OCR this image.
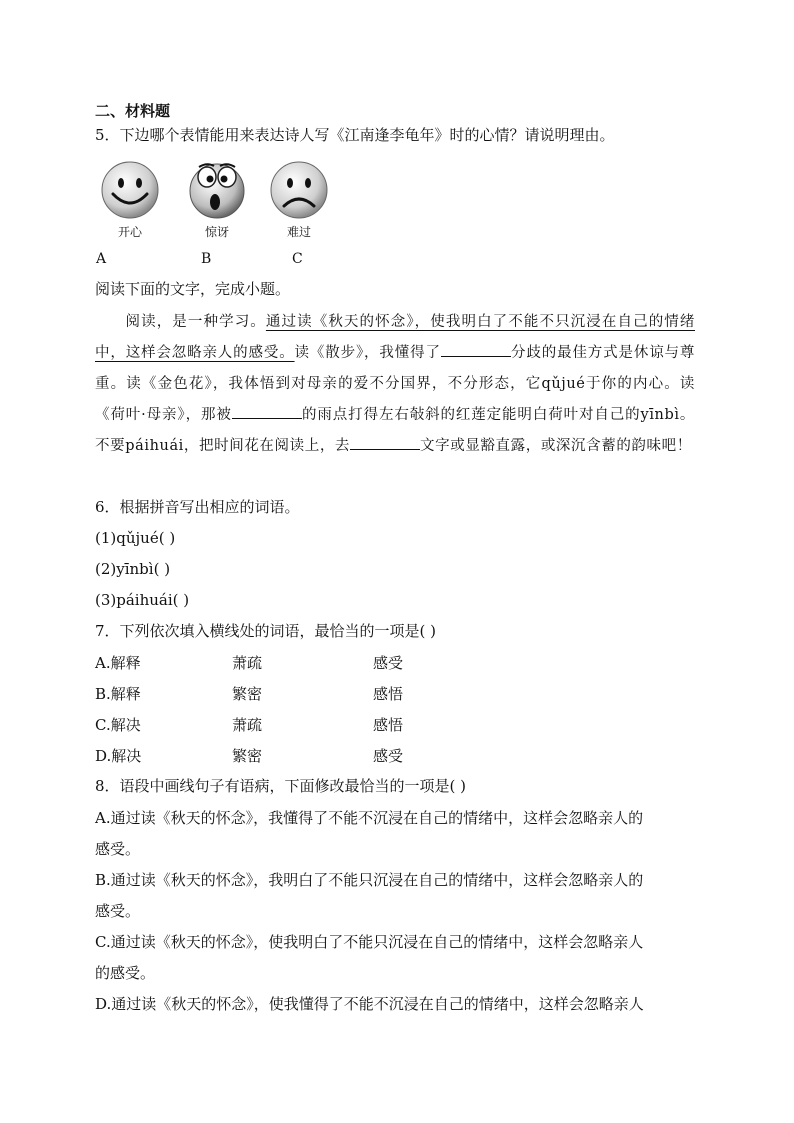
二、材料题
5．下边哪个表情能用来表达诗人写《江南逢李龟年》时的心情？请说明理由。
开心	惊讶	难过
A	B	C
阅读下面的文字，完成小题。
阅读，是一种学习。通过读《秋天的怀念》，使我明白了不能不只沉浸在自己的情绪中，这样会忽略亲人的感受。读《散步》，我懂得了	分歧的最佳方式是休谅与尊重。读《金色花》，我体悟到对母亲的爱不分国界，不分形态，它qǔjué于你的内心。读《荷叶·母亲》，那被	的雨点打得左右敧斜的红莲定能明白荷叶对自己的yīnbì。不要páihuái，把时间花在阅读上，去	文字或显豁直露，或深沉含蓄的韵味吧！
6．根据拼音写出相应的词语。
(1)qǔjué( )
(2)yīnbì( )
(3)páihuái( )
7．下列依次填入横线处的词语，最恰当的一项是( )
A.解释	萧疏	感受
B.解释	繁密	感悟
C.解决	萧疏	感悟
D.解决	繁密	感受
8．语段中画线句子有语病，下面修改最恰当的一项是( )
A.通过读《秋天的怀念》，我懂得了不能不沉浸在自己的情绪中，这样会忽略亲人的
感受。
B.通过读《秋天的怀念》，我明白了不能只沉浸在自己的情绪中，这样会忽略亲人的
感受。
C.通过读《秋天的怀念》，使我明白了不能只沉浸在自己的情绪中，这样会忽略亲人
的感受。
D.通过读《秋天的怀念》，使我懂得了不能不沉浸在自己的情绪中，这样会忽略亲人
